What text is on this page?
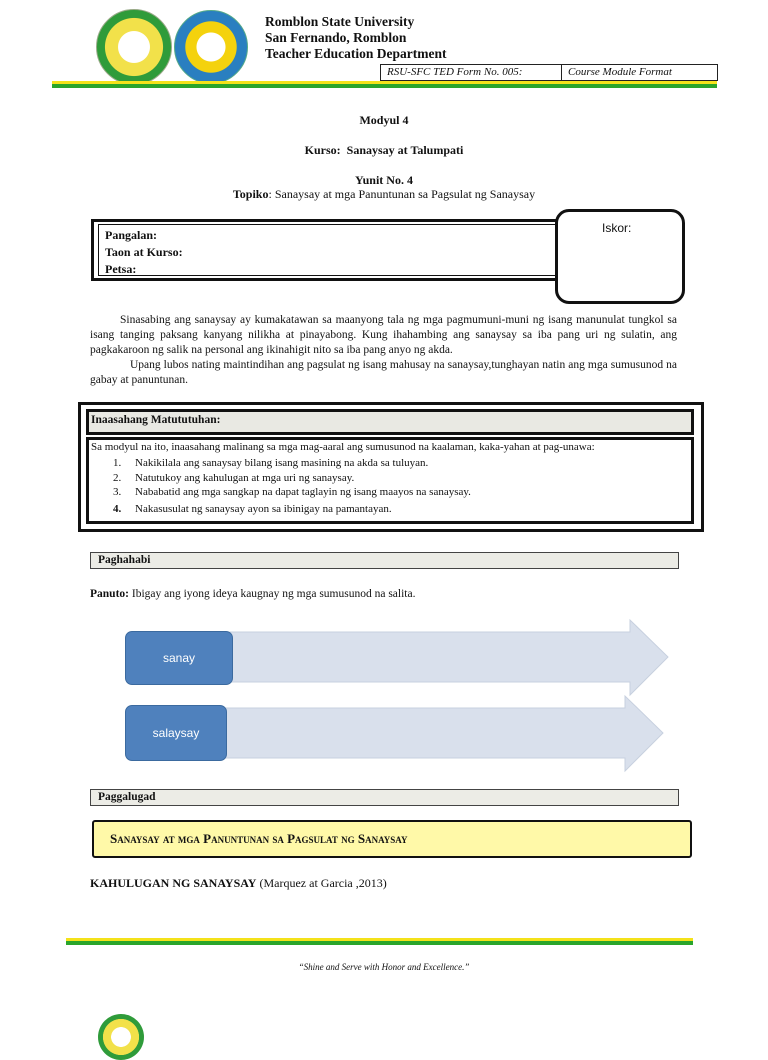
Romblon State University
San Fernando, Romblon
Teacher Education Department
RSU-SFC TED Form No. 005:	Course Module Format
Modyul 4
Kurso: Sanaysay at Talumpati
Yunit No. 4
Topiko: Sanaysay at mga Panuntunan sa Pagsulat ng Sanaysay
Pangalan:
Taon at Kurso:
Petsa:
Iskor:
Sinasabing ang sanaysay ay kumakatawan sa maanyong tala ng mga pagmumuni-muni ng isang manunulat tungkol sa isang tanging paksang kanyang nilikha at pinayabong. Kung ihahambing ang sanaysay sa iba pang uri ng sulatin, ang pagkakaroon ng salik na personal ang ikinahigit nito sa iba pang anyo ng akda.
Upang lubos nating maintindihan ang pagsulat ng isang mahusay na sanaysay,tunghayan natin ang mga sumusunod na gabay at panuntunan.
Inaasahang Matututuhan:
Sa modyul na ito, inaasahang malinang sa mga mag-aaral ang sumusunod na kaalaman, kaka-yahan at pag-unawa:
1. Nakikilala ang sanaysay bilang isang masining na akda sa tuluyan.
2. Natutukoy ang kahulugan at mga uri ng sanaysay.
3. Nababatid ang mga sangkap na dapat taglayin ng isang maayos na sanaysay.
4. Nakasusulat ng sanaysay ayon sa ibinigay na pamantayan.
Paghahabi
Panuto: Ibigay ang iyong ideya kaugnay ng mga sumusunod na salita.
sanay
salaysay
Paggalugad
Sanaysay at mga Panuntunan sa Pagsulat ng Sanaysay
KAHULUGAN NG SANAYSAY (Marquez at Garcia ,2013)
“Shine and Serve with Honor and Excellence.”
